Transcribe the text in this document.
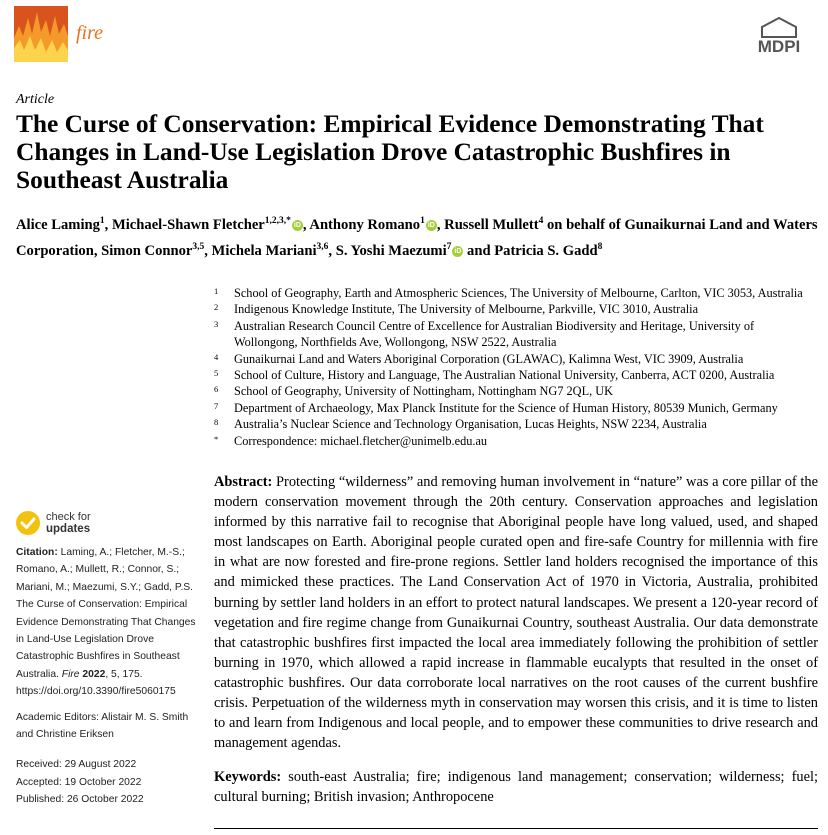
fire
MDPI
Article
The Curse of Conservation: Empirical Evidence Demonstrating That Changes in Land-Use Legislation Drove Catastrophic Bushfires in Southeast Australia
Alice Laming$^1$, Michael-Shawn Fletcher$^{1,2,3,*}$ iD , Anthony Romano$^1$ iD , Russell Mullett$^4$ on behalf of Gunaikurnai Land and Waters Corporation, Simon Connor$^{3,5}$, Michela Mariani$^{3,6}$, S. Yoshi Maezumi$^7$ iD and Patricia S. Gadd$^8$
1	School of Geography, Earth and Atmospheric Sciences, The University of Melbourne, Carlton, VIC 3053, Australia
2	Indigenous Knowledge Institute, The University of Melbourne, Parkville, VIC 3010, Australia
3	Australian Research Council Centre of Excellence for Australian Biodiversity and Heritage, University of Wollongong, Northfields Ave, Wollongong, NSW 2522, Australia
4	Gunaikurnai Land and Waters Aboriginal Corporation (GLAWAC), Kalimna West, VIC 3909, Australia
5	School of Culture, History and Language, The Australian National University, Canberra, ACT 0200, Australia
6	School of Geography, University of Nottingham, Nottingham NG7 2QL, UK
7	Department of Archaeology, Max Planck Institute for the Science of Human History, 80539 Munich, Germany
8	Australia’s Nuclear Science and Technology Organisation, Lucas Heights, NSW 2234, Australia
*	Correspondence: michael.fletcher@unimelb.edu.au
check for
updates

Citation: Laming, A.; Fletcher, M.-S.; Romano, A.; Mullett, R.; Connor, S.; Mariani, M.; Maezumi, S.Y.; Gadd, P.S. The Curse of Conservation: Empirical Evidence Demonstrating That Changes in Land-Use Legislation Drove Catastrophic Bushfires in Southeast Australia. Fire 2022, 5, 175. https://doi.org/10.3390/fire5060175

Academic Editors: Alistair M. S. Smith and Christine Eriksen

Received: 29 August 2022

Accepted: 19 October 2022

Published: 26 October 2022

Abstract: Protecting “wilderness” and removing human involvement in “nature” was a core pillar of the modern conservation movement through the 20th century. Conservation approaches and legislation informed by this narrative fail to recognise that Aboriginal people have long valued, used, and shaped most landscapes on Earth. Aboriginal people curated open and fire-safe Country for millennia with fire in what are now forested and fire-prone regions. Settler land holders recognised the importance of this and mimicked these practices. The Land Conservation Act of 1970 in Victoria, Australia, prohibited burning by settler land holders in an effort to protect natural landscapes. We present a 120-year record of vegetation and fire regime change from Gunaikurnai Country, southeast Australia. Our data demonstrate that catastrophic bushfires first impacted the local area immediately following the prohibition of settler burning in 1970, which allowed a rapid increase in flammable eucalypts that resulted in the onset of catastrophic bushfires. Our data corroborate local narratives on the root causes of the current bushfire crisis. Perpetuation of the wilderness myth in conservation may worsen this crisis, and it is time to listen to and learn from Indigenous and local people, and to empower these communities to drive research and management agendas.
Keywords: south-east Australia; fire; indigenous land management; conservation; wilderness; fuel; cultural burning; British invasion; Anthropocene
